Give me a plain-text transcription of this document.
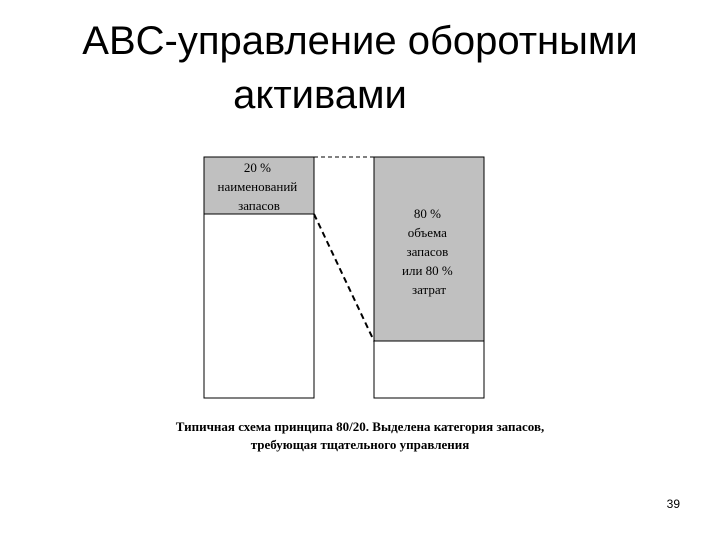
ABC-управление оборотными
активами
20 % наименований запасов
80 % объема запасов или 80 % затрат
Типичная схема принципа 80/20. Выделена категория запасов,
требующая тщательного управления
39
